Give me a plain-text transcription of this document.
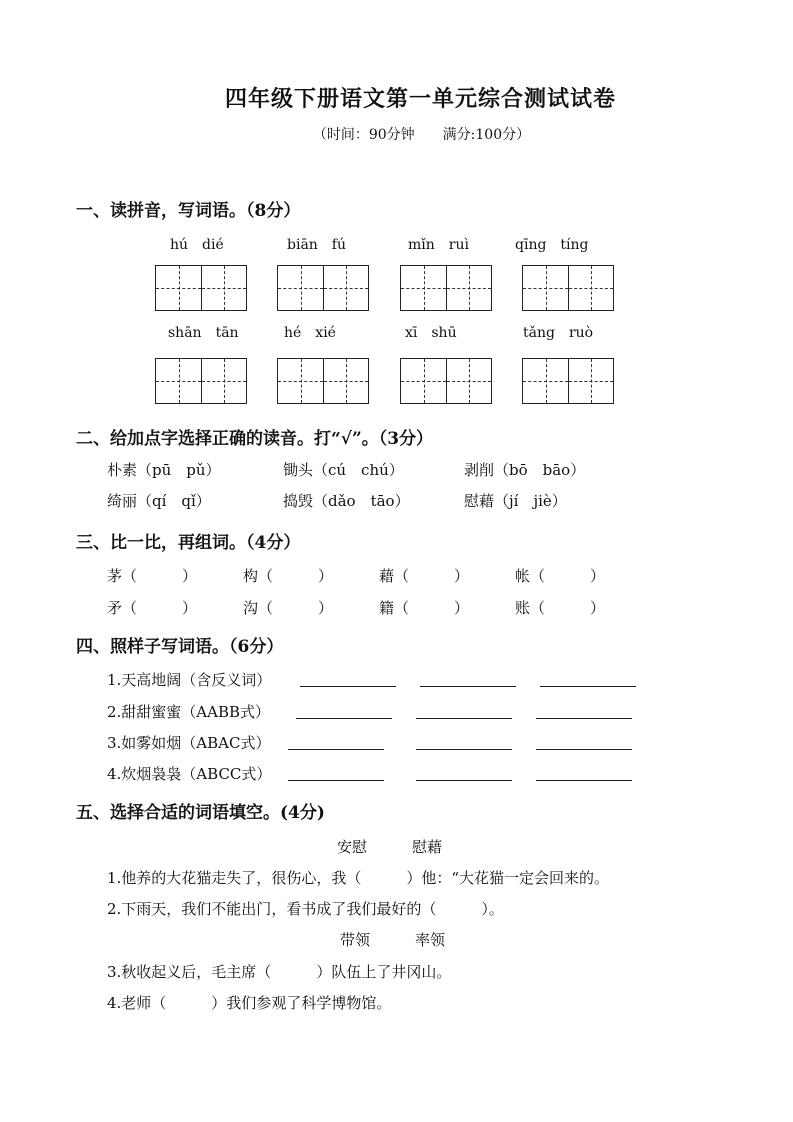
四年级下册语文第一单元综合测试试卷
（时间：90分钟　　满分:100分）
一、读拼音，写词语。（8分）
hú　dié	biān　fú	mǐn　ruì	qīng　tíng
shān　tān	hé　xié	xī　shū	tǎng　ruò
二、给加点字选择正确的读音。打“√”。（3分）
朴素（pū　pǔ）	锄头（cú　chú）	剥削（bō　bāo）
绮丽（qí　qǐ）	捣毁（dǎo　tāo）	慰藉（jí　jiè）
三、比一比，再组词。（4分）
茅（　　　）	构（　　　）	藉（　　　）	帐（　　　）
矛（　　　）	沟（　　　）	籍（　　　）	账（　　　）
四、照样子写词语。（6分）
1.天高地阔（含反义词）
2.甜甜蜜蜜（AABB式）
3.如雾如烟（ABAC式）
4.炊烟袅袅（ABCC式）
五、选择合适的词语填空。(4分)
安慰　　　慰藉
1.他养的大花猫走失了，很伤心，我（　　　）他：“大花猫一定会回来的。
2.下雨天，我们不能出门，看书成了我们最好的（　　　）。
带领　　　率领
3.秋收起义后，毛主席（　　　）队伍上了井冈山。
4.老师（　　　）我们参观了科学博物馆。
